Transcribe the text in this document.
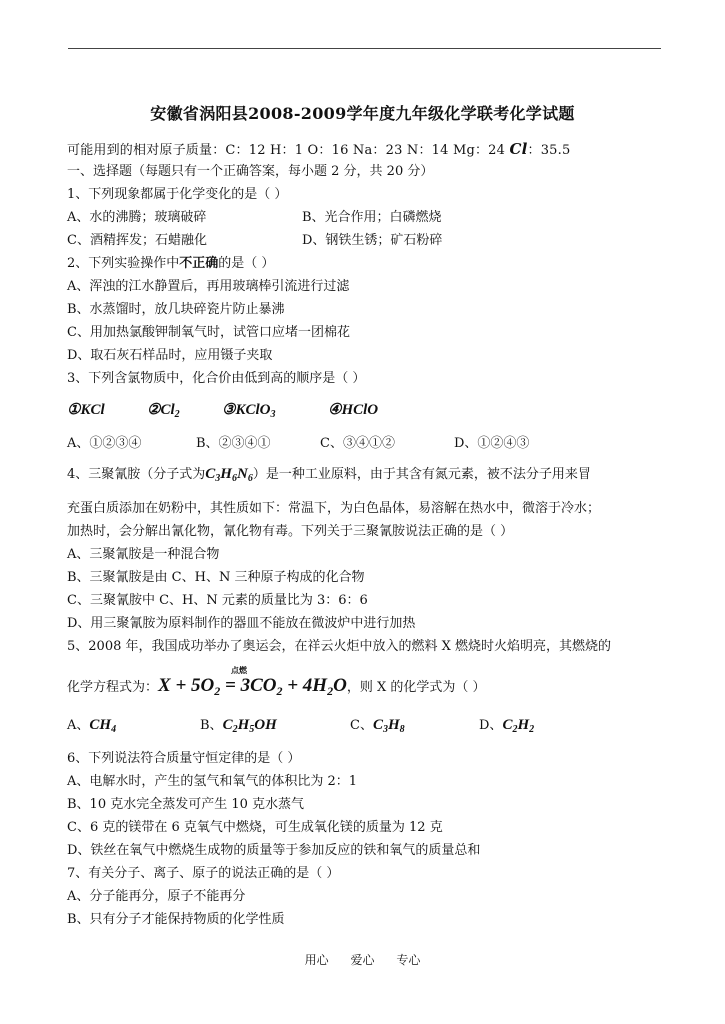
安徽省涡阳县2008-2009学年度九年级化学联考化学试题
可能用到的相对原子质量：C：12 H：1 O：16 Na：23 N：14 Mg：24 Cl：35.5
一、选择题（每题只有一个正确答案，每小题 2 分，共 20 分）
1、下列现象都属于化学变化的是（ ）
A、水的沸腾；玻璃破碎	B、光合作用；白磷燃烧
C、酒精挥发；石蜡融化	D、钢铁生锈；矿石粉碎
2、下列实验操作中不正确的是（ ）
A、浑浊的江水静置后，再用玻璃棒引流进行过滤
B、水蒸馏时，放几块碎瓷片防止暴沸
C、用加热氯酸钾制氧气时，试管口应堵一团棉花
D、取石灰石样品时，应用镊子夹取
3、下列含氯物质中，化合价由低到高的顺序是（ ）
①KCl	$②Cl_2$	③KClO$_3$	④HClO
A、①②③④	B、②③④①	C、③④①②	D、①②④③
4、三聚氰胺（分子式为$C_3H_6N_6$）是一种工业原料，由于其含有氮元素，被不法分子用来冒
充蛋白质添加在奶粉中，其性质如下：常温下，为白色晶体，易溶解在热水中，微溶于冷水；
加热时，会分解出氰化物，氰化物有毒。下列关于三聚氰胺说法正确的是（ ）
A、三聚氰胺是一种混合物
B、三聚氰胺是由 C、H、N 三种原子构成的化合物
C、三聚氰胺中 C、H、N 元素的质量比为 3：6：6
D、用三聚氰胺为原料制作的器皿不能放在微波炉中进行加热
5、2008 年，我国成功举办了奥运会，在祥云火炬中放入的燃料 X 燃烧时火焰明亮，其燃烧的
化学方程式为：
点燃
$X + 5O_2 = 3CO_2 + 4H_2O$，则 X 的化学式为（ ）
A、$CH_4$	B、$C_2H_5OH$	C、$C_3H_8$	D、$C_2H_2$
6、下列说法符合质量守恒定律的是（ ）
A、电解水时，产生的氢气和氧气的体积比为 2：1
B、10 克水完全蒸发可产生 10 克水蒸气
C、6 克的镁带在 6 克氧气中燃烧，可生成氧化镁的质量为 12 克
D、铁丝在氧气中燃烧生成物的质量等于参加反应的铁和氧气的质量总和
7、有关分子、离子、原子的说法正确的是（ ）
A、分子能再分，原子不能再分
B、只有分子才能保持物质的化学性质
用心 爱心 专心
